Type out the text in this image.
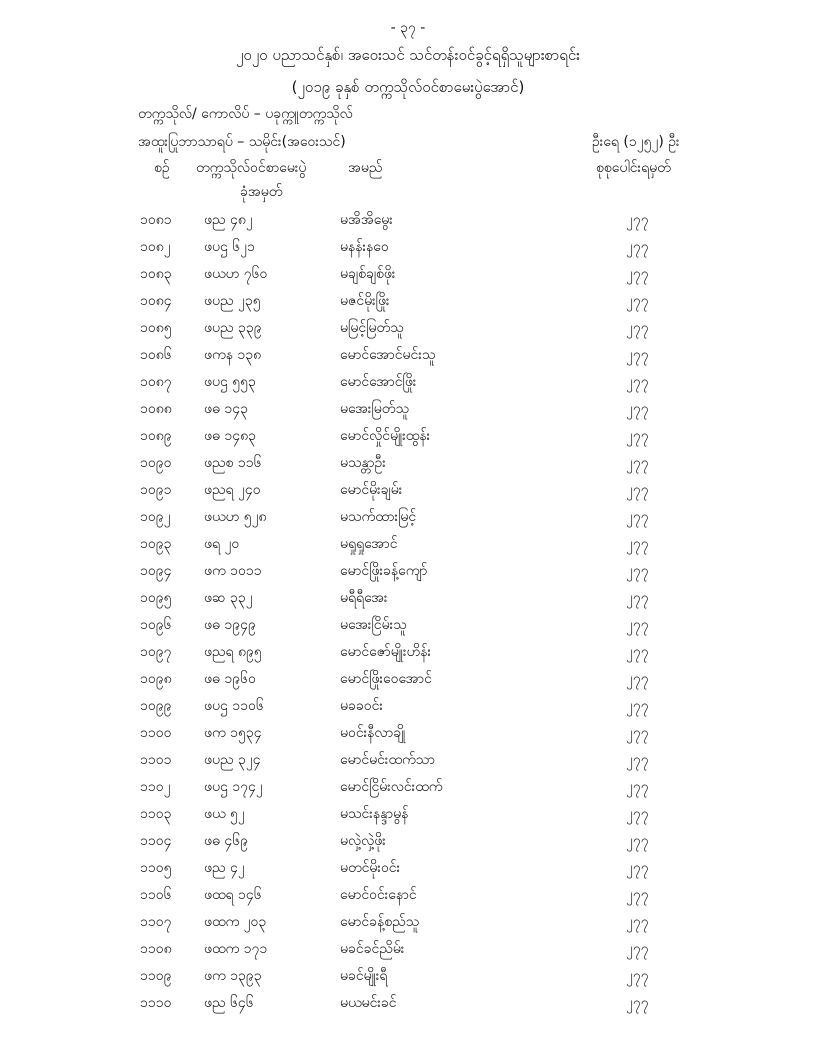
- ၃၇ -
၂၀၂၀ ပညာသင်နှစ်၊ အဝေးသင် သင်တန်းဝင်ခွင့်ရရှိသူများစာရင်း
(၂၀၁၉ ခုနှစ် တက္ကသိုလ်ဝင်စာမေးပွဲအောင်)
တက္ကသိုလ်/ ကောလိပ် – ပခုက္ကူတက္ကသိုလ်
အထူးပြုဘာသာရပ် – သမိုင်း(အဝေးသင်)	ဦးရေ (၁၂၅၂) ဦး
စဉ် တက္ကသိုလ်ဝင်စာမေးပွဲ
ခုံအမှတ်
အမည်	စုစုပေါင်းရမှတ်
၁၀၈၁ ဖည ၄၈၂	မအိအိမွေး	၂၇၇
၁၀၈၂ ဖပဌ ၆၂၁	မနန်းနဝေ	၂၇၇
၁၀၈၃ ဖယဟ ၇၆၀	မချစ်ချစ်ဖိုး	၂၇၇
၁၀၈၄ ဖပည ၂၃၅	မဇင်မိုးဖြိုး	၂၇၇
၁၀၈၅ ဖပည ၃၃၉	မမြင့်မြတ်သူ	၂၇၇
၁၀၈၆ ဖကန ၁၃၈	မောင်အောင်မင်းသူ	၂၇၇
၁၀၈၇ ဖပဌ ၅၅၃	မောင်အောင်ဖြိုး	၂၇၇
၁၀၈၈ ဖဓ ၁၄၃	မအေးမြတ်သူ	၂၇၇
၁၀၈၉ ဖဓ ၁၄၈၃	မောင်လှိုင်မျိုးထွန်း	၂၇၇
၁၀၉၀ ဖညစ ၁၁၆	မသန္တာဦး	၂၇၇
၁၀၉၁ ဖညရ ၂၄၀	မောင်မိုးချမ်း	၂၇၇
၁၀၉၂ ဖယဟ ၅၂၈	မသက်ထားမြင့်	၂၇၇
၁၀၉၃ ဖရ ၂၀	မရှုရှုအောင်	၂၇၇
၁၀၉၄ ဖက ၁၀၁၁	မောင်ဖြိုးခန့်ကျော်	၂၇၇
၁၀၉၅ ဖဆ ၃၃၂	မရီရီအေး	၂၇၇
၁၀၉၆ ဖဓ ၁၉၄၉	မအေးငြိမ်းသူ	၂၇၇
၁၀၉၇ ဖညရ ၈၉၅	မောင်ဇော်မျိုးဟိန်း	၂၇၇
၁၀၉၈ ဖဓ ၁၉၆၀	မောင်ဖြိုးဝေအောင်	၂၇၇
၁၀၉၉ ဖပဌ ၁၁၀၆	မခခဝင်း	၂၇၇
၁၁၀၀ ဖက ၁၅၃၄	မဝင်းနီလာချို	၂၇၇
၁၁၀၁ ဖပည ၃၂၄	မောင်မင်းထက်သာ	၂၇၇
၁၁၀၂ ဖပဌ ၁၇၄၂	မောင်ငြိမ်းလင်းထက်	၂၇၇
၁၁၀၃ ဖယ ၅၂	မသင်းနန္ဒာမွန်	၂၇၇
၁၁၀၄ ဖဓ ၄၆၉	မလှဲ့လှဲ့ဖိုး	၂၇၇
၁၁၀၅ ဖည ၄၂	မတင်မိုးဝင်း	၂၇၇
၁၁၀၆ ဖထရ ၁၄၆	မောင်ဝင်းနောင်	၂၇၇
၁၁၀၇ ဖထက ၂၀၃	မောင်ခန့်စည်သူ	၂၇၇
၁၁၀၈ ဖထက ၁၇၁	မခင်ခင်ညိမ်း	၂၇၇
၁၁၀၉ ဖက ၁၃၉၃	မခင်မျိုးရီ	၂၇၇
၁၁၁၀ ဖည ၆၄၆	မယမင်းခင်	၂၇၇
